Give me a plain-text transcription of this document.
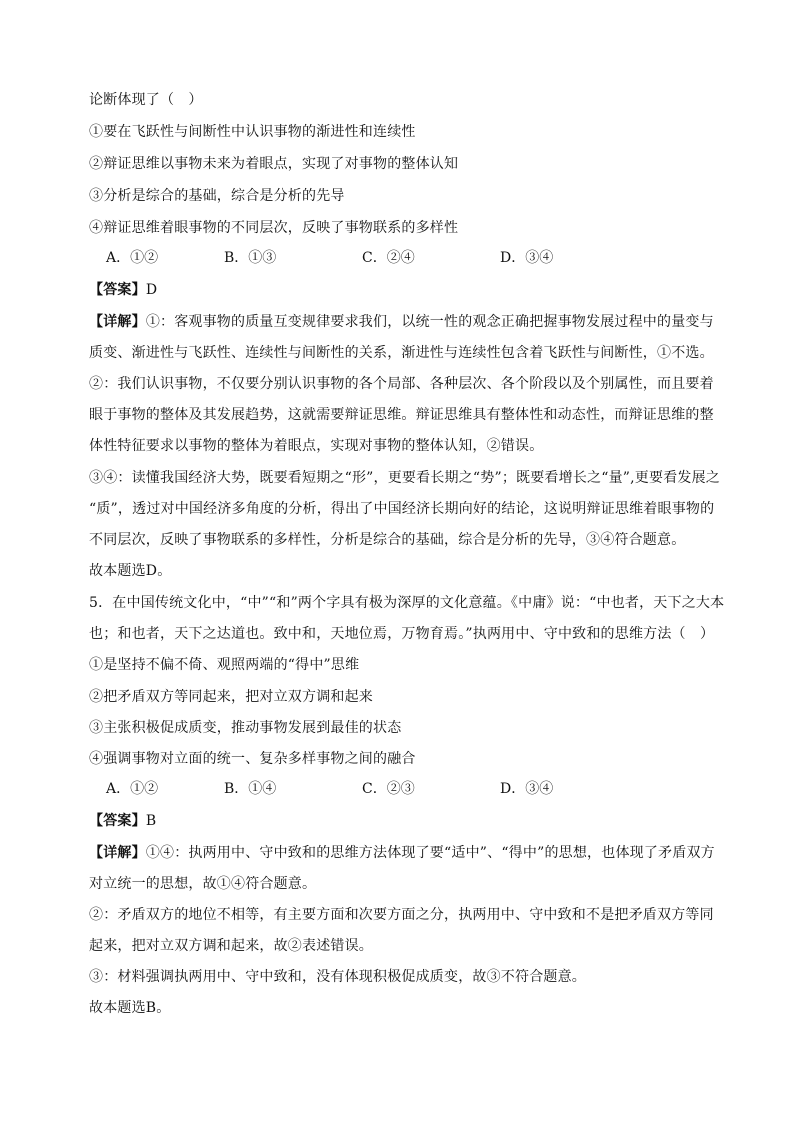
论断体现了（　）
①要在飞跃性与间断性中认识事物的渐进性和连续性
②辩证思维以事物未来为着眼点，实现了对事物的整体认知
③分析是综合的基础，综合是分析的先导
④辩证思维着眼事物的不同层次，反映了事物联系的多样性
A．①②	B．①③	C．②④	D．③④
【答案】D
【详解】①：客观事物的质量互变规律要求我们，以统一性的观念正确把握事物发展过程中的量变与
质变、渐进性与飞跃性、连续性与间断性的关系，渐进性与连续性包含着飞跃性与间断性，①不选。
②：我们认识事物，不仅要分别认识事物的各个局部、各种层次、各个阶段以及个别属性，而且要着
眼于事物的整体及其发展趋势，这就需要辩证思维。辩证思维具有整体性和动态性，而辩证思维的整
体性特征要求以事物的整体为着眼点，实现对事物的整体认知，②错误。
③④：读懂我国经济大势，既要看短期之“形”，更要看长期之“势”；既要看增长之“量”,更要看发展之
“质”，透过对中国经济多角度的分析，得出了中国经济长期向好的结论，这说明辩证思维着眼事物的
不同层次，反映了事物联系的多样性，分析是综合的基础，综合是分析的先导，③④符合题意。
故本题选D。
5．在中国传统文化中，“中”“和”两个字具有极为深厚的文化意蕴。《中庸》说：“中也者，天下之大本
也；和也者，天下之达道也。致中和，天地位焉，万物育焉。”执两用中、守中致和的思维方法（　）
①是坚持不偏不倚、观照两端的“得中”思维
②把矛盾双方等同起来，把对立双方调和起来
③主张积极促成质变，推动事物发展到最佳的状态
④强调事物对立面的统一、复杂多样事物之间的融合
A．①②	B．①④	C．②③	D．③④
【答案】B
【详解】①④：执两用中、守中致和的思维方法体现了要“适中”、“得中”的思想，也体现了矛盾双方
对立统一的思想，故①④符合题意。
②：矛盾双方的地位不相等，有主要方面和次要方面之分，执两用中、守中致和不是把矛盾双方等同
起来，把对立双方调和起来，故②表述错误。
③：材料强调执两用中、守中致和，没有体现积极促成质变，故③不符合题意。
故本题选B。
